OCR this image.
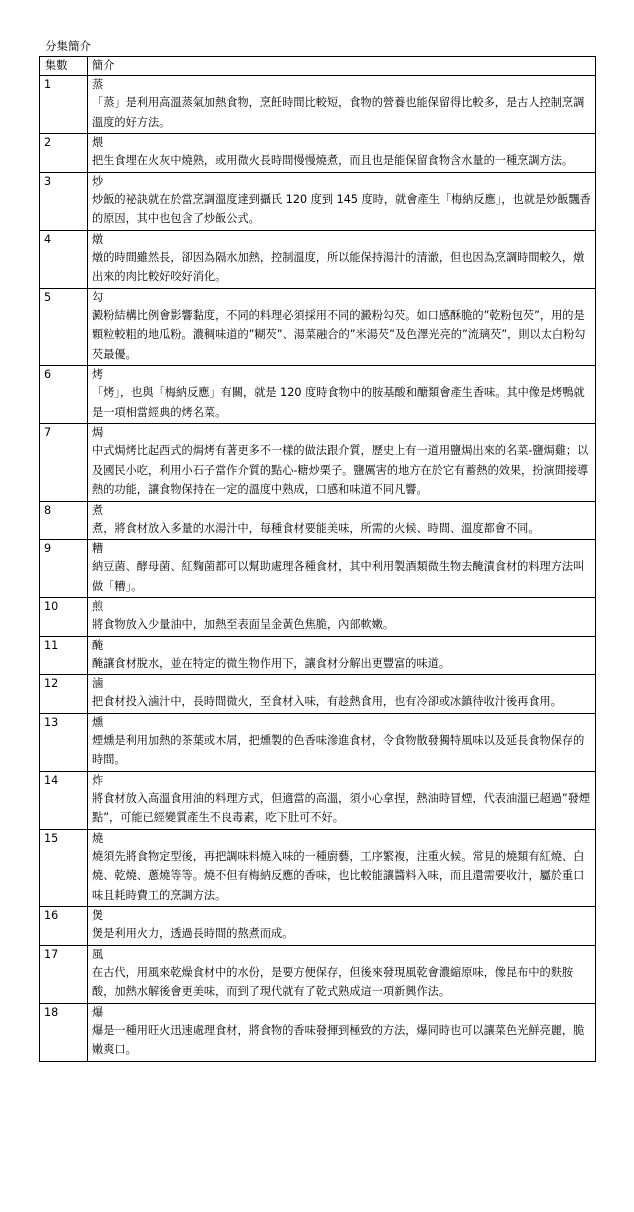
分集簡介
集數	簡介
1	蒸
「蒸」是利用高溫蒸氣加熱食物，烹飪時間比較短，食物的營養也能保留得比較多，是古人控制烹調溫度的好方法。

2	煨
把生食埋在火灰中燒熟，或用微火長時間慢慢燒煮，而且也是能保留食物含水量的一種烹調方法。

3	炒
炒飯的祕訣就在於當烹調溫度達到攝氏 120 度到 145 度時，就會產生「梅納反應」，也就是炒飯飄香的原因，其中也包含了炒飯公式。

4	燉
燉的時間雖然長，卻因為隔水加熱，控制溫度，所以能保持湯汁的清澈，但也因為烹調時間較久，燉出來的肉比較好咬好消化。

5	勾
澱粉結構比例會影響黏度，不同的料理必須採用不同的澱粉勾芡。如口感酥脆的”乾粉包芡”，用的是顆粒較粗的地瓜粉。濃稠味道的”糊芡”、湯菜融合的”米湯芡”及色澤光亮的”流璃芡”，則以太白粉勾芡最優。

6	烤
「烤」，也與「梅納反應」有關，就是 120 度時食物中的胺基酸和醣類會產生香味。其中像是烤鴨就是一項相當經典的烤名菜。

7	焗
中式焗烤比起西式的焗烤有著更多不一樣的做法跟介質，歷史上有一道用鹽焗出來的名菜-鹽焗雞；以及國民小吃，利用小石子當作介質的點心-糖炒栗子。鹽厲害的地方在於它有蓄熱的效果，扮演間接導熱的功能，讓食物保持在一定的溫度中熟成，口感和味道不同凡響。

8	煮
煮，將食材放入多量的水湯汁中，每種食材要能美味，所需的火候、時間、溫度都會不同。

9	糟
納豆菌、酵母菌、紅麴菌都可以幫助處理各種食材，其中利用製酒類微生物去醃漬食材的料理方法叫做「糟」。

10	煎
將食物放入少量油中，加熱至表面呈金黃色焦脆，內部軟嫩。

11	醃
醃讓食材脫水，並在特定的微生物作用下，讓食材分解出更豐富的味道。

12	滷
把食材投入滷汁中，長時間微火，至食材入味，有趁熱食用，也有冷卻或冰鎮待收汁後再食用。

13	燻
煙燻是利用加熱的茶葉或木屑，把燻製的色香味滲進食材，令食物散發獨特風味以及延長食物保存的時間。

14	炸
將食材放入高溫食用油的料理方式，但適當的高溫，須小心拿捏，熱油時冒煙，代表油溫已超過”發煙點”，可能已經變質產生不良毒素，吃下肚可不好。

15	燒
燒須先將食物定型後，再把調味料燒入味的一種廚藝，工序繁複，注重火候。常見的燒類有紅燒、白燒、乾燒、蔥燒等等。燒不但有梅納反應的香味，也比較能讓醬料入味，而且還需要收汁，屬於重口味且耗時費工的烹調方法。

16	煲
煲是利用火力，透過長時間的熬煮而成。

17	風
在古代，用風來乾燥食材中的水份，是要方便保存，但後來發現風乾會濃縮原味，像昆布中的麩胺酸，加熱水解後會更美味，而到了現代就有了乾式熟成這一項新興作法。

18	爆
爆是一種用旺火迅速處理食材，將食物的香味發揮到極致的方法，爆同時也可以讓菜色光鮮亮麗，脆嫩爽口。
